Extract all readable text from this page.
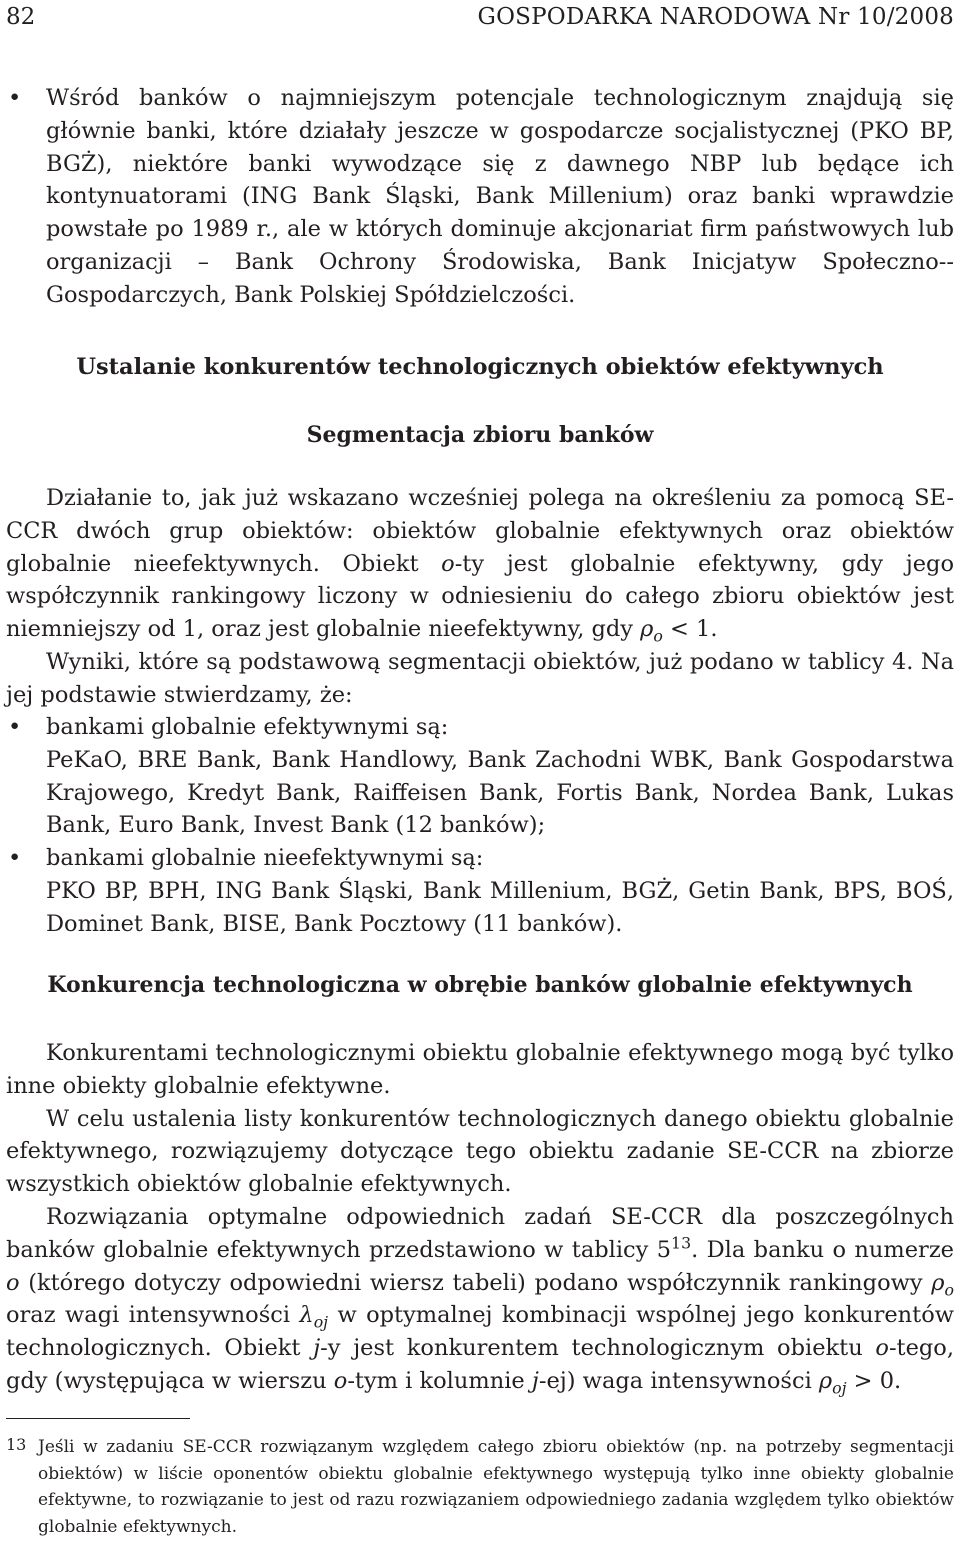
82	GOSPODARKA NARODOWA Nr 10/2008
• Wśród banków o najmniejszym potencjale technologicznym znajdują się głównie banki, które działały jeszcze w gospodarcze socjalistycznej (PKO BP, BGŻ), niektóre banki wywodzące się z dawnego NBP lub będące ich kontynuatorami (ING Bank Śląski, Bank Millenium) oraz banki wprawdzie powstałe po 1989 r., ale w których dominuje akcjonariat firm państwowych lub organizacji – Bank Ochrony Środowiska, Bank Inicjatyw Społeczno--Gospodarczych, Bank Polskiej Spółdzielczości.
Ustalanie konkurentów technologicznych obiektów efektywnych
Segmentacja zbioru banków

Działanie to, jak już wskazano wcześniej polega na określeniu za pomocą SE-CCR dwóch grup obiektów: obiektów globalnie efektywnych oraz obiektów globalnie nieefektywnych. Obiekt o-ty jest globalnie efektywny, gdy jego współczynnik rankingowy liczony w odniesieniu do całego zbioru obiektów jest niemniejszy od 1, oraz jest globalnie nieefektywny, gdy $\rho_o < 1$.

Wyniki, które są podstawową segmentacji obiektów, już podano w tablicy 4. Na jej podstawie stwierdzamy, że:

• bankami globalnie efektywnymi są:
PeKaO, BRE Bank, Bank Handlowy, Bank Zachodni WBK, Bank Gospodarstwa Krajowego, Kredyt Bank, Raiffeisen Bank, Fortis Bank, Nordea Bank, Lukas Bank, Euro Bank, Invest Bank (12 banków);
• bankami globalnie nieefektywnymi są:
PKO BP, BPH, ING Bank Śląski, Bank Millenium, BGŻ, Getin Bank, BPS, BOŚ, Dominet Bank, BISE, Bank Pocztowy (11 banków).
Konkurencja technologiczna w obrębie banków globalnie efektywnych

Konkurentami technologicznymi obiektu globalnie efektywnego mogą być tylko inne obiekty globalnie efektywne.

W celu ustalenia listy konkurentów technologicznych danego obiektu globalnie efektywnego, rozwiązujemy dotyczące tego obiektu zadanie SE-CCR na zbiorze wszystkich obiektów globalnie efektywnych.

Rozwiązania optymalne odpowiednich zadań SE-CCR dla poszczególnych banków globalnie efektywnych przedstawiono w tablicy $5^{13}$. Dla banku o numerze o (którego dotyczy odpowiedni wiersz tabeli) podano współczynnik rankingowy $\rho_o$ oraz wagi intensywności $\lambda_{oj}$ w optymalnej kombinacji wspólnej jego konkurentów technologicznych. Obiekt j-y jest konkurentem technologicznym obiektu o-tego, gdy (występująca w wierszu o-tym i kolumnie j-ej) waga intensywności $\rho_{oj} > 0$.

13 Jeśli w zadaniu SE-CCR rozwiązanym względem całego zbioru obiektów (np. na potrzeby segmentacji obiektów) w liście oponentów obiektu globalnie efektywnego występują tylko inne obiekty globalnie efektywne, to rozwiązanie to jest od razu rozwiązaniem odpowiedniego zadania względem tylko obiektów globalnie efektywnych.
